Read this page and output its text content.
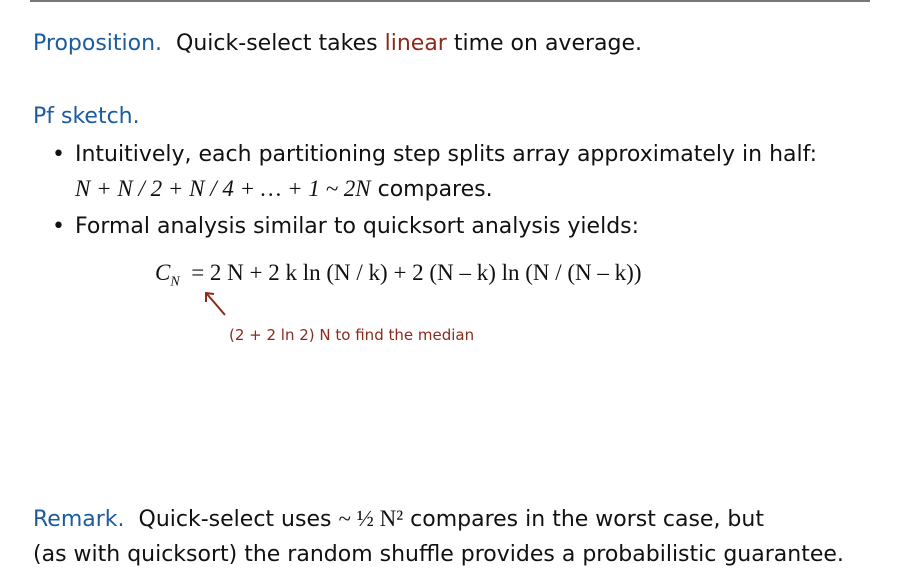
Proposition. Quick-select takes linear time on average.
Pf sketch.
• Intuitively, each partitioning step splits array approximately in half:
N + N / 2 + N / 4 + … + 1 ~ 2N compares.
• Formal analysis similar to quicksort analysis yields:
$C_N = 2$ N + 2 k ln (N / k) + 2 (N – k) ln (N / (N – k))
(2 + 2 ln 2) N to find the median
Remark. Quick-select uses ~ ½ N² compares in the worst case, but
(as with quicksort) the random shuffle provides a probabilistic guarantee.
